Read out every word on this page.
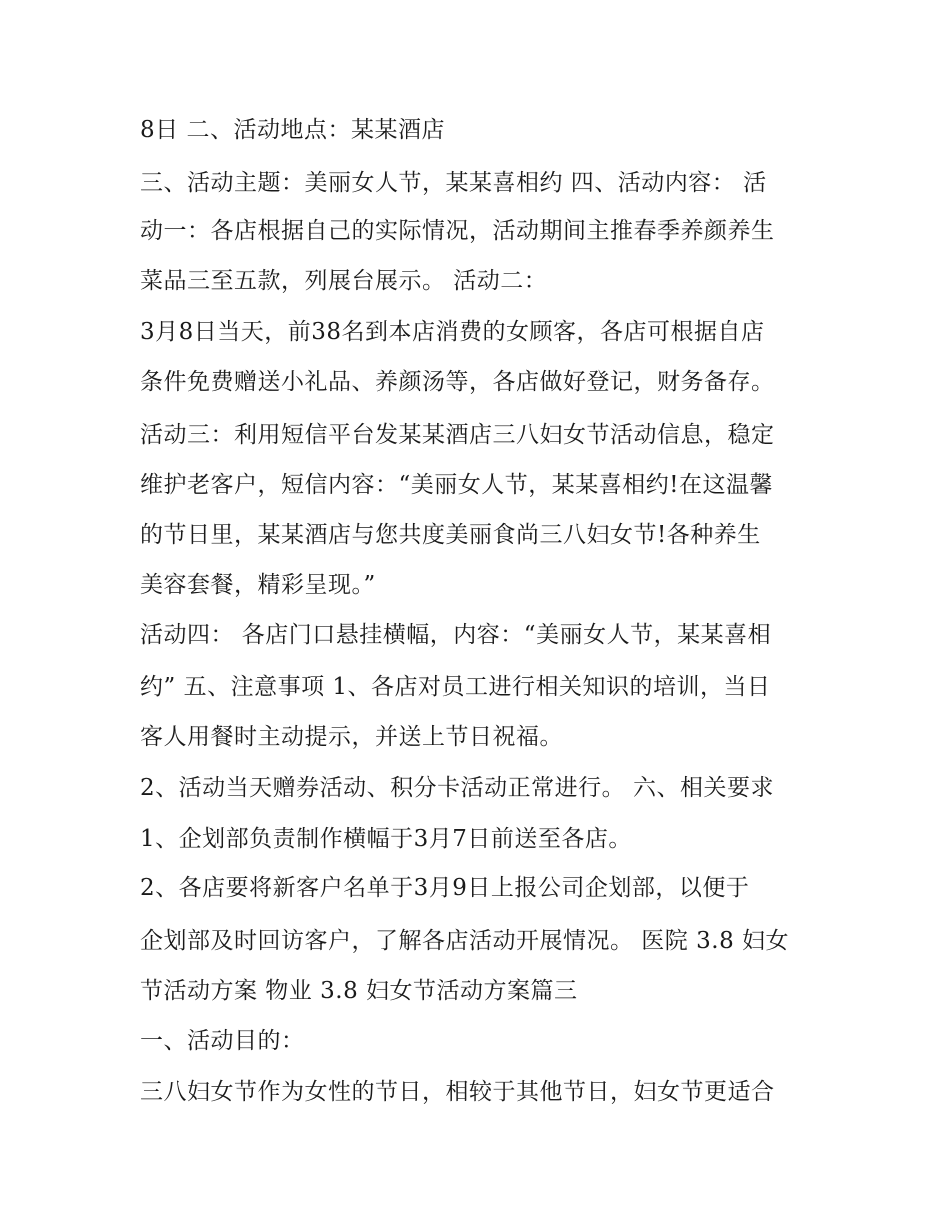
8日 二、活动地点：某某酒店
三、活动主题：美丽女人节，某某喜相约 四、活动内容： 活
动一：各店根据自己的实际情况，活动期间主推春季养颜养生
菜品三至五款，列展台展示。 活动二：
3月8日当天，前38名到本店消费的女顾客，各店可根据自店
条件免费赠送小礼品、养颜汤等，各店做好登记，财务备存。
活动三：利用短信平台发某某酒店三八妇女节活动信息，稳定
维护老客户，短信内容：“美丽女人节，某某喜相约!在这温馨
的节日里，某某酒店与您共度美丽食尚三八妇女节!各种养生
美容套餐，精彩呈现。”
活动四： 各店门口悬挂横幅，内容：“美丽女人节，某某喜相
约” 五、注意事项 1、各店对员工进行相关知识的培训，当日
客人用餐时主动提示，并送上节日祝福。
2、活动当天赠券活动、积分卡活动正常进行。 六、相关要求
1、企划部负责制作横幅于3月7日前送至各店。
2、各店要将新客户名单于3月9日上报公司企划部，以便于
企划部及时回访客户，了解各店活动开展情况。 医院 3.8 妇女
节活动方案 物业 3.8 妇女节活动方案篇三
一、活动目的：
三八妇女节作为女性的节日，相较于其他节日，妇女节更适合
